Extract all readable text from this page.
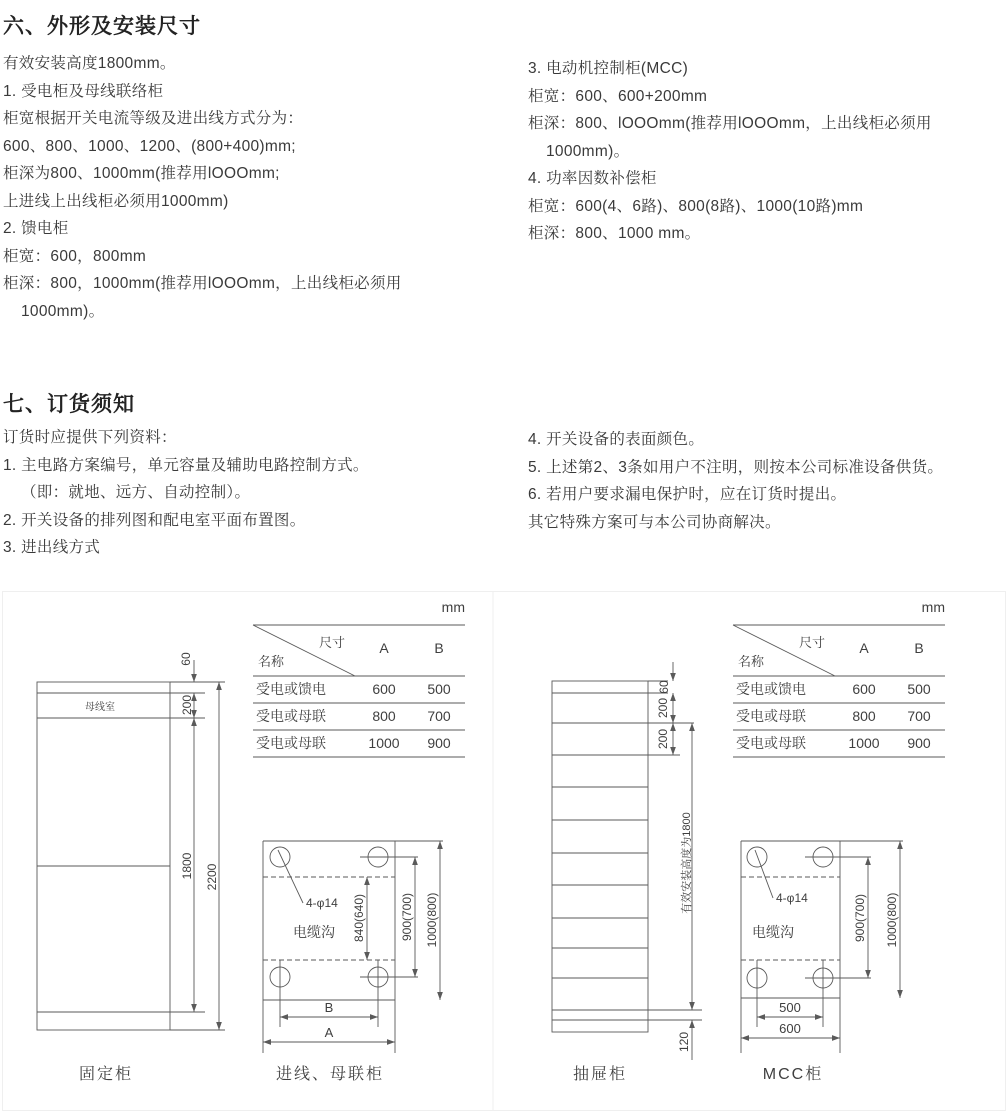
六、外形及安装尺寸
有效安装高度1800mm。
1. 受电柜及母线联络柜
柜宽根据开关电流等级及进出线方式分为：
600、800、1000、1200、(800+400)mm;
柜深为800、1000mm(推荐用lOOOmm;
上进线上出线柜必须用1000mm)
2. 馈电柜
柜宽：600，800mm
柜深：800，1000mm(推荐用lOOOmm，上出线柜必须用
1000mm)。
3. 电动机控制柜(MCC)
柜宽：600、600+200mm
柜深：800、lOOOmm(推荐用lOOOmm，上出线柜必须用
1000mm)。
4. 功率因数补偿柜
柜宽：600(4、6路)、800(8路)、1000(10路)mm
柜深：800、1000 mm。
七、订货须知
订货时应提供下列资料：
1. 主电路方案编号，单元容量及辅助电路控制方式。
（即：就地、远方、自动控制）。
2. 开关设备的排列图和配电室平面布置图。
3. 进出线方式
4. 开关设备的表面颜色。
5. 上述第2、3条如用户不注明，则按本公司标准设备供货。
6. 若用户要求漏电保护时，应在订货时提出。
其它特殊方案可与本公司协商解决。
母线室
60
200
1800 2200
固定柜
mm
尺寸
名称
A	B
受电或馈电	600 500
受电或母联	800 700
受电或母联	1000 900
4-φ14
电缆沟 840(640)	900(700) 1000(800)
B
A
进线、母联柜
60
200
200
有效安装高度为1800
120
抽屉柜
mm
尺寸
名称
A	B
受电或馈电	600 500
受电或母联	800 700
受电或母联	1000 900
4-φ14
电缆沟	900(700) 1000(800)
500
600
MCC柜
